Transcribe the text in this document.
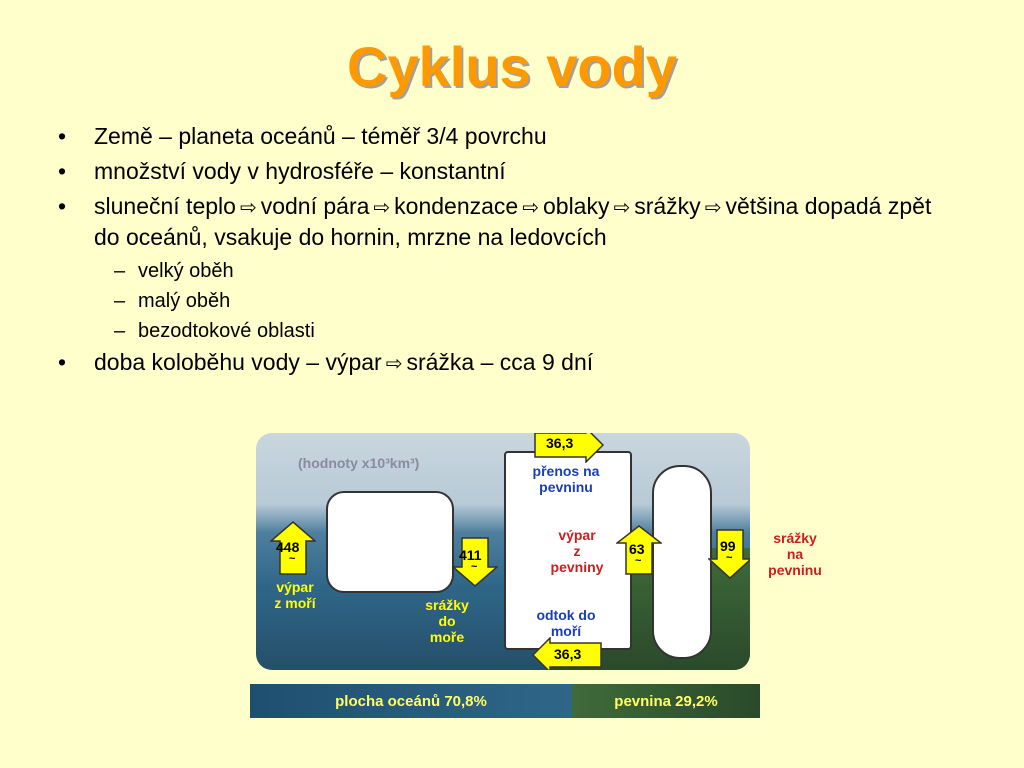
Cyklus vody
• Země – planeta oceánů – téměř 3/4 povrchu
• množství vody v hydrosféře – konstantní
• sluneční teplo ⇨ vodní pára ⇨ kondenzace ⇨ oblaky ⇨ srážky ⇨ většina dopadá zpět do oceánů, vsakuje do hornin, mrzne na ledovcích
– velký oběh
– malý oběh
– bezodtokové oblasti
• doba koloběhu vody – výpar ⇨ srážka – cca 9 dní
(hodnoty x10³km³)
448
~	411
~
36,3
63
~
99
~
36,3
výpar
z moří	srážky
do
moře
přenos na
pevninu
výpar
z
pevniny
odtok do
moří
srážky
na
pevninu
plocha oceánů 70,8%	pevnina 29,2%
